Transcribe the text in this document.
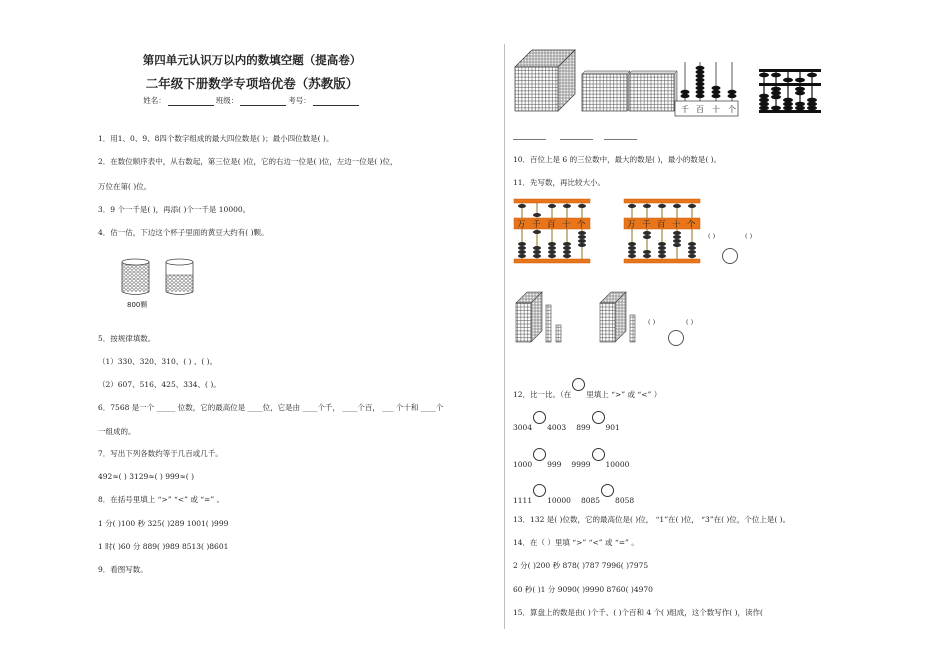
第四单元认识万以内的数填空题（提高卷）
二年级下册数学专项培优卷（苏教版）
姓名：	班级：	考号：
1．用1、0、9、8四个数字组成的最大四位数是( )；最小四位数是( )。
2．在数位顺序表中，从右数起，第三位是( )位，它的右边一位是( )位，左边一位是( )位，
万位在第( )位。
3．9 个一千是( )，再添( )个一千是 10000。
4．估一估，下边这个杯子里面的黄豆大约有( )颗。
800颗
5．按规律填数。
（1）330、320、310、( ) 、( )。
（2）607、516、425、334、( )。
6．7568 是一个 _____ 位数，它的最高位是 ____位，它是由 ____个千， ____个百， ___ 个十和 ____个
一组成的。
7．写出下列各数约等于几百或几千。
492≈( ) 3129≈( ) 999≈( )
8．在括号里填上 “>” “<” 或 “=” 。
1 分( )100 秒 325( )289 1001( )999
1 时( )60 分 889( )989 8513( )8601
9．看图写数。
千 百 十 个
10．百位上是 6 的三位数中，最大的数是( )，最小的数是( )。
11．先写数，再比较大小。
万 千 百 十 个	万 千 百 十 个
( )	( )
( )	( )
12．比一比。（在 里填上 “>” 或 “<” ）
3004 4003 899 901
1000 999 9999 10000
1111 10000 8085 8058
13．132 是( )位数，它的最高位是( )位， “1”在( )位， “3”在( )位，个位上是( )。
14．在（ ）里填 “>” “<” 或 “=” 。
2 分( )200 秒 878( )787 7996( )7975
60 秒( )1 分 9090( )9990 8760( )4970
15．算盘上的数是由( )个千、( )个百和 4 个( )组成，这个数写作( )，读作(
